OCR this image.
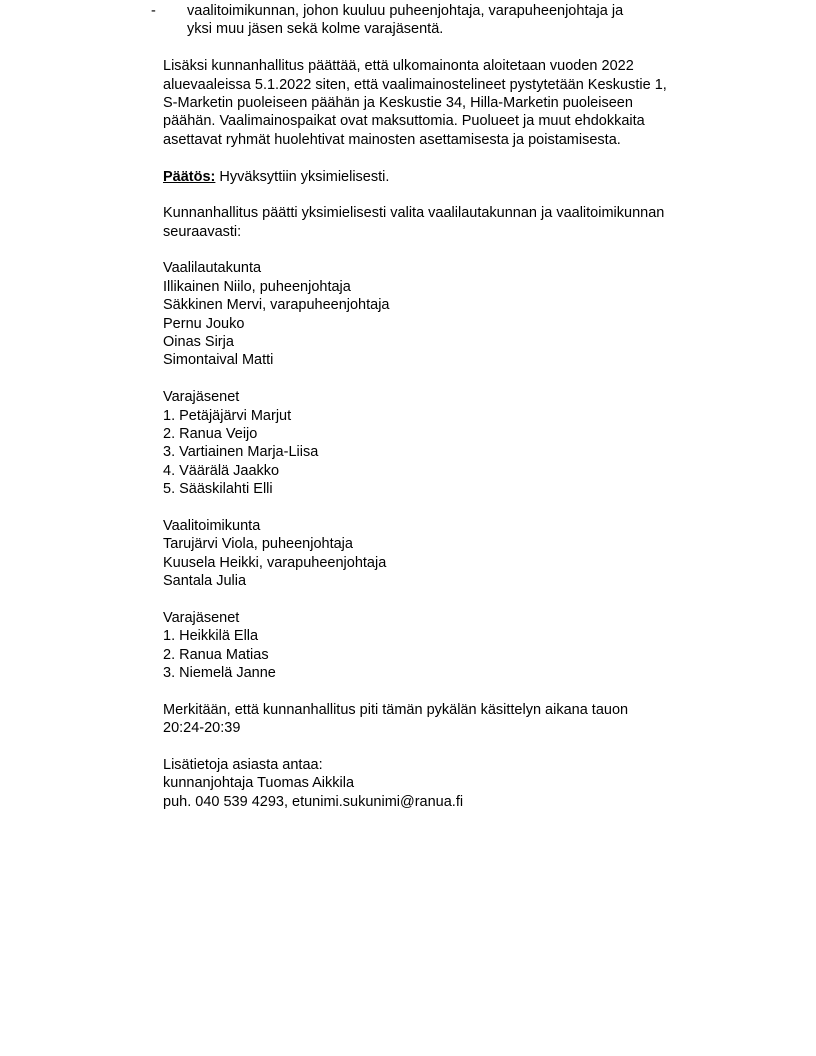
- vaalitoimikunnan, johon kuuluu puheenjohtaja, varapuheenjohtaja ja
yksi muu jäsen sekä kolme varajäsentä.
Lisäksi kunnanhallitus päättää, että ulkomainonta aloitetaan vuoden 2022
aluevaaleissa 5.1.2022 siten, että vaalimainostelineet pystytetään Keskustie 1,
S-Marketin puoleiseen päähän ja Keskustie 34, Hilla-Marketin puoleiseen
päähän. Vaalimainospaikat ovat maksuttomia. Puolueet ja muut ehdokkaita
asettavat ryhmät huolehtivat mainosten asettamisesta ja poistamisesta.
Päätös: Hyväksyttiin yksimielisesti.
Kunnanhallitus päätti yksimielisesti valita vaalilautakunnan ja vaalitoimikunnan
seuraavasti:
Vaalilautakunta
Illikainen Niilo, puheenjohtaja
Säkkinen Mervi, varapuheenjohtaja
Pernu Jouko
Oinas Sirja
Simontaival Matti
Varajäsenet
1. Petäjäjärvi Marjut
2. Ranua Veijo
3. Vartiainen Marja-Liisa
4. Väärälä Jaakko
5. Sääskilahti Elli
Vaalitoimikunta
Tarujärvi Viola, puheenjohtaja
Kuusela Heikki, varapuheenjohtaja
Santala Julia
Varajäsenet
1. Heikkilä Ella
2. Ranua Matias
3. Niemelä Janne
Merkitään, että kunnanhallitus piti tämän pykälän käsittelyn aikana tauon
20:24-20:39
Lisätietoja asiasta antaa:
kunnanjohtaja Tuomas Aikkila
puh. 040 539 4293, etunimi.sukunimi@ranua.fi
